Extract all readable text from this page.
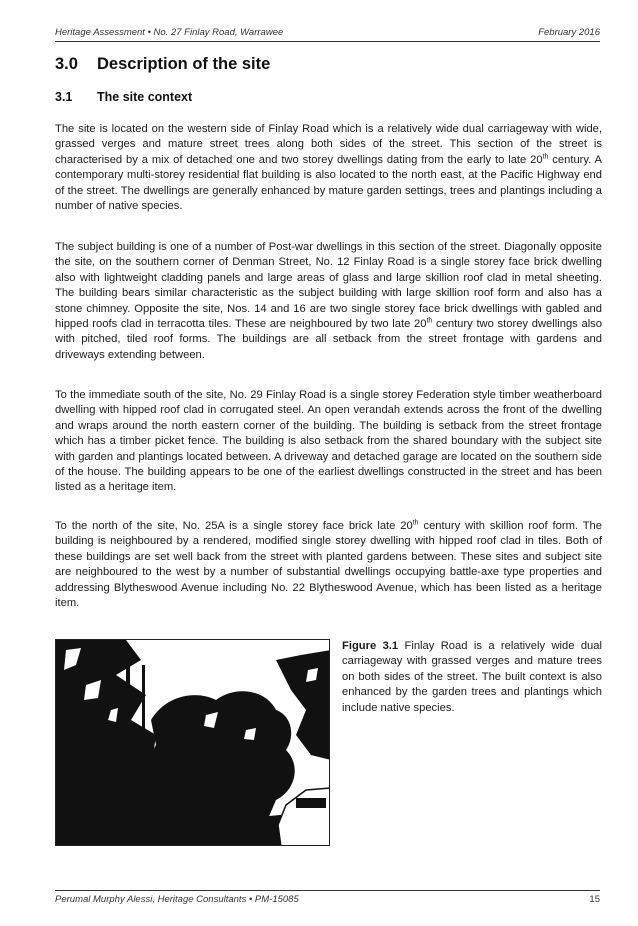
Heritage Assessment • No. 27 Finlay Road, Warrawee	February 2016
3.0 Description of the site
3.1 The site context

The site is located on the western side of Finlay Road which is a relatively wide dual carriageway with wide, grassed verges and mature street trees along both sides of the street. This section of the street is characterised by a mix of detached one and two storey dwellings dating from the early to late 20th century. A contemporary multi-storey residential flat building is also located to the north east, at the Pacific Highway end of the street. The dwellings are generally enhanced by mature garden settings, trees and plantings including a number of native species.

The subject building is one of a number of Post-war dwellings in this section of the street. Diagonally opposite the site, on the southern corner of Denman Street, No. 12 Finlay Road is a single storey face brick dwelling also with lightweight cladding panels and large areas of glass and large skillion roof clad in metal sheeting. The building bears similar characteristic as the subject building with large skillion roof form and also has a stone chimney. Opposite the site, Nos. 14 and 16 are two single storey face brick dwellings with gabled and hipped roofs clad in terracotta tiles. These are neighboured by two late 20th century two storey dwellings also with pitched, tiled roof forms. The buildings are all setback from the street frontage with gardens and driveways extending between.

To the immediate south of the site, No. 29 Finlay Road is a single storey Federation style timber weatherboard dwelling with hipped roof clad in corrugated steel. An open verandah extends across the front of the dwelling and wraps around the north eastern corner of the building. The building is setback from the street frontage which has a timber picket fence. The building is also setback from the shared boundary with the subject site with garden and plantings located between. A driveway and detached garage are located on the southern side of the house. The building appears to be one of the earliest dwellings constructed in the street and has been listed as a heritage item.

To the north of the site, No. 25A is a single storey face brick late 20th century with skillion roof form. The building is neighboured by a rendered, modified single storey dwelling with hipped roof clad in tiles. Both of these buildings are set well back from the street with planted gardens between. These sites and subject site are neighboured to the west by a number of substantial dwellings occupying battle-axe type properties and addressing Blytheswood Avenue including No. 22 Blytheswood Avenue, which has been listed as a heritage item.

Figure 3.1 Finlay Road is a relatively wide dual carriageway with grassed verges and mature trees on both sides of the street. The built context is also enhanced by the garden trees and plantings which include native species.
Perumal Murphy Alessi, Heritage Consultants • PM-15085	15
